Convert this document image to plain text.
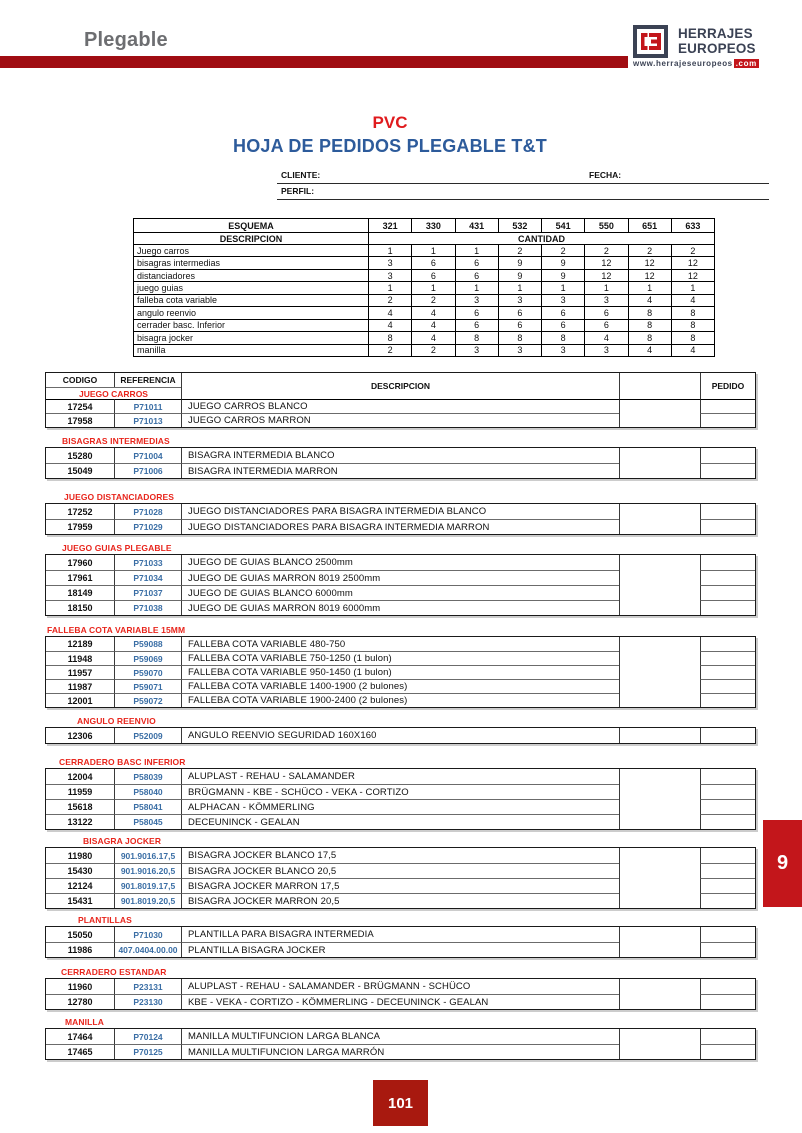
Plegable	HERRAJES
EUROPEOS
www.herrajeseuropeos .com
PVC
HOJA DE PEDIDOS PLEGABLE T&T
CLIENTE:	FECHA:
PERFIL:
ESQUEMA	321	330	431	532	541	550	651	633
DESCRIPCION	CANTIDAD
Juego carros	1	1	1	2	2	2	2	2
bisagras intermedias	3	6	6	9	9	12	12	12
distanciadores	3	6	6	9	9	12	12	12
juego guias	1	1	1	1	1	1	1	1
falleba cota variable	2	2	3	3	3	3	4	4
angulo reenvio	4	4	6	6	6	6	8	8
cerrader basc. Inferior	4	4	6	6	6	6	8	8
bisagra jocker	8	4	8	8	8	4	8	8
manilla	2	2	3	3	3	3	4	4
CODIGO	REFERENCIA
DESCRIPCION	PEDIDO
JUEGO CARROS
17254	P71011	JUEGO CARROS BLANCO
17958	P71013	JUEGO CARROS MARRON
BISAGRAS INTERMEDIAS
15280	P71004	BISAGRA INTERMEDIA BLANCO
15049	P71006	BISAGRA INTERMEDIA MARRON
JUEGO DISTANCIADORES
17252	P71028	JUEGO DISTANCIADORES PARA BISAGRA INTERMEDIA BLANCO
17959	P71029	JUEGO DISTANCIADORES PARA BISAGRA INTERMEDIA MARRON
JUEGO GUIAS PLEGABLE
17960	P71033	JUEGO DE GUIAS BLANCO 2500mm
17961	P71034	JUEGO DE GUIAS MARRON 8019 2500mm
18149	P71037	JUEGO DE GUIAS BLANCO 6000mm
18150	P71038	JUEGO DE GUIAS MARRON 8019 6000mm
FALLEBA COTA VARIABLE 15MM
12189	P59088	FALLEBA COTA VARIABLE 480-750
11948	P59069	FALLEBA COTA VARIABLE 750-1250 (1 bulon)
11957	P59070	FALLEBA COTA VARIABLE 950-1450 (1 bulon)
11987	P59071	FALLEBA COTA VARIABLE 1400-1900 (2 bulones)
12001	P59072	FALLEBA COTA VARIABLE 1900-2400 (2 bulones)
ANGULO REENVIO
12306	P52009	ANGULO REENVIO SEGURIDAD 160X160
CERRADERO BASC INFERIOR
12004	P58039	ALUPLAST - REHAU - SALAMANDER
11959	P58040	BRÜGMANN - KBE - SCHÜCO - VEKA - CORTIZO
15618	P58041	ALPHACAN - KÖMMERLING
13122	P58045	DECEUNINCK - GEALAN
BISAGRA JOCKER
11980	901.9016.17,5	BISAGRA JOCKER BLANCO 17,5
15430	901.9016.20,5	BISAGRA JOCKER BLANCO 20,5
12124	901.8019.17,5	BISAGRA JOCKER MARRON 17,5
15431	901.8019.20,5	BISAGRA JOCKER MARRON 20,5
PLANTILLAS
15050	P71030	PLANTILLA PARA BISAGRA INTERMEDIA
11986	407.0404.00.00	PLANTILLA BISAGRA JOCKER
CERRADERO ESTANDAR
11960	P23131	ALUPLAST - REHAU - SALAMANDER - BRÜGMANN - SCHÜCO
12780	P23130	KBE - VEKA - CORTIZO - KÖMMERLING - DECEUNINCK - GEALAN
MANILLA
17464	P70124	MANILLA MULTIFUNCION LARGA BLANCA
17465	P70125	MANILLA MULTIFUNCION LARGA MARRÓN
9
101
